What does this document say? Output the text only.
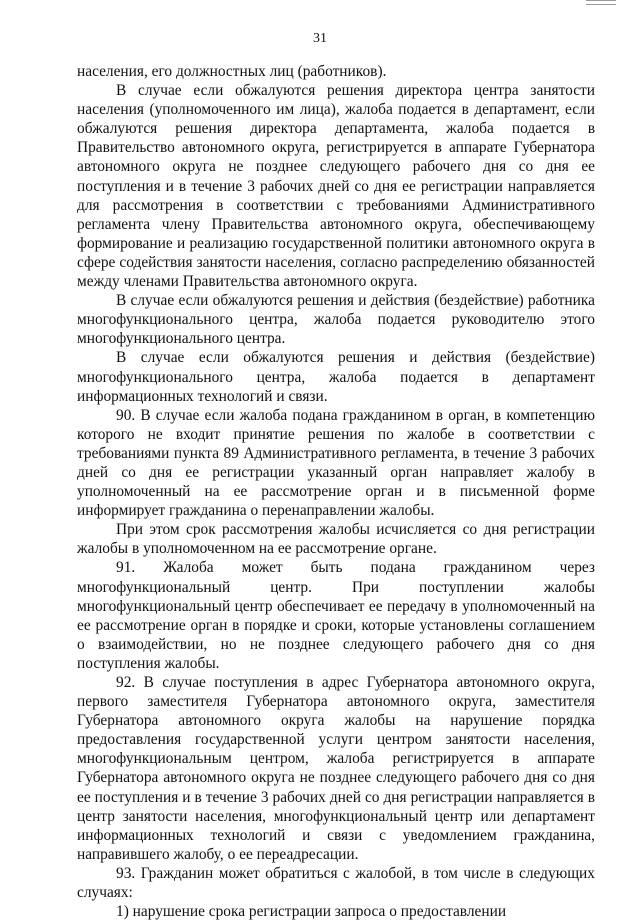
31

населения, его должностных лиц (работников).

В случае если обжалуются решения директора центра занятости населения (уполномоченного им лица), жалоба подается в департамент, если обжалуются решения директора департамента, жалоба подается в Правительство автономного округа, регистрируется в аппарате Губернатора автономного округа не позднее следующего рабочего дня со дня ее поступления и в течение 3 рабочих дней со дня ее регистрации направляется для рассмотрения в соответствии с требованиями Административного регламента члену Правительства автономного округа, обеспечивающему формирование и реализацию государственной политики автономного округа в сфере содействия занятости населения, согласно распределению обязанностей между членами Правительства автономного округа.

В случае если обжалуются решения и действия (бездействие) работника многофункционального центра, жалоба подается руководителю этого многофункционального центра.

В случае если обжалуются решения и действия (бездействие) многофункционального центра, жалоба подается в департамент информационных технологий и связи.

90. В случае если жалоба подана гражданином в орган, в компетенцию которого не входит принятие решения по жалобе в соответствии с требованиями пункта 89 Административного регламента, в течение 3 рабочих дней со дня ее регистрации указанный орган направляет жалобу в уполномоченный на ее рассмотрение орган и в письменной форме информирует гражданина о перенаправлении жалобы.

При этом срок рассмотрения жалобы исчисляется со дня регистрации жалобы в уполномоченном на ее рассмотрение органе.

91. Жалоба может быть подана гражданином через многофункциональный центр. При поступлении жалобы многофункциональный центр обеспечивает ее передачу в уполномоченный на ее рассмотрение орган в порядке и сроки, которые установлены соглашением о взаимодействии, но не позднее следующего рабочего дня со дня поступления жалобы.

92. В случае поступления в адрес Губернатора автономного округа, первого заместителя Губернатора автономного округа, заместителя Губернатора автономного округа жалобы на нарушение порядка предоставления государственной услуги центром занятости населения, многофункциональным центром, жалоба регистрируется в аппарате Губернатора автономного округа не позднее следующего рабочего дня со дня ее поступления и в течение 3 рабочих дней со дня регистрации направляется в центр занятости населения, многофункциональный центр или департамент информационных технологий и связи с уведомлением гражданина, направившего жалобу, о ее переадресации.

93. Гражданин может обратиться с жалобой, в том числе в следующих случаях:

1) нарушение срока регистрации запроса о предоставлении
